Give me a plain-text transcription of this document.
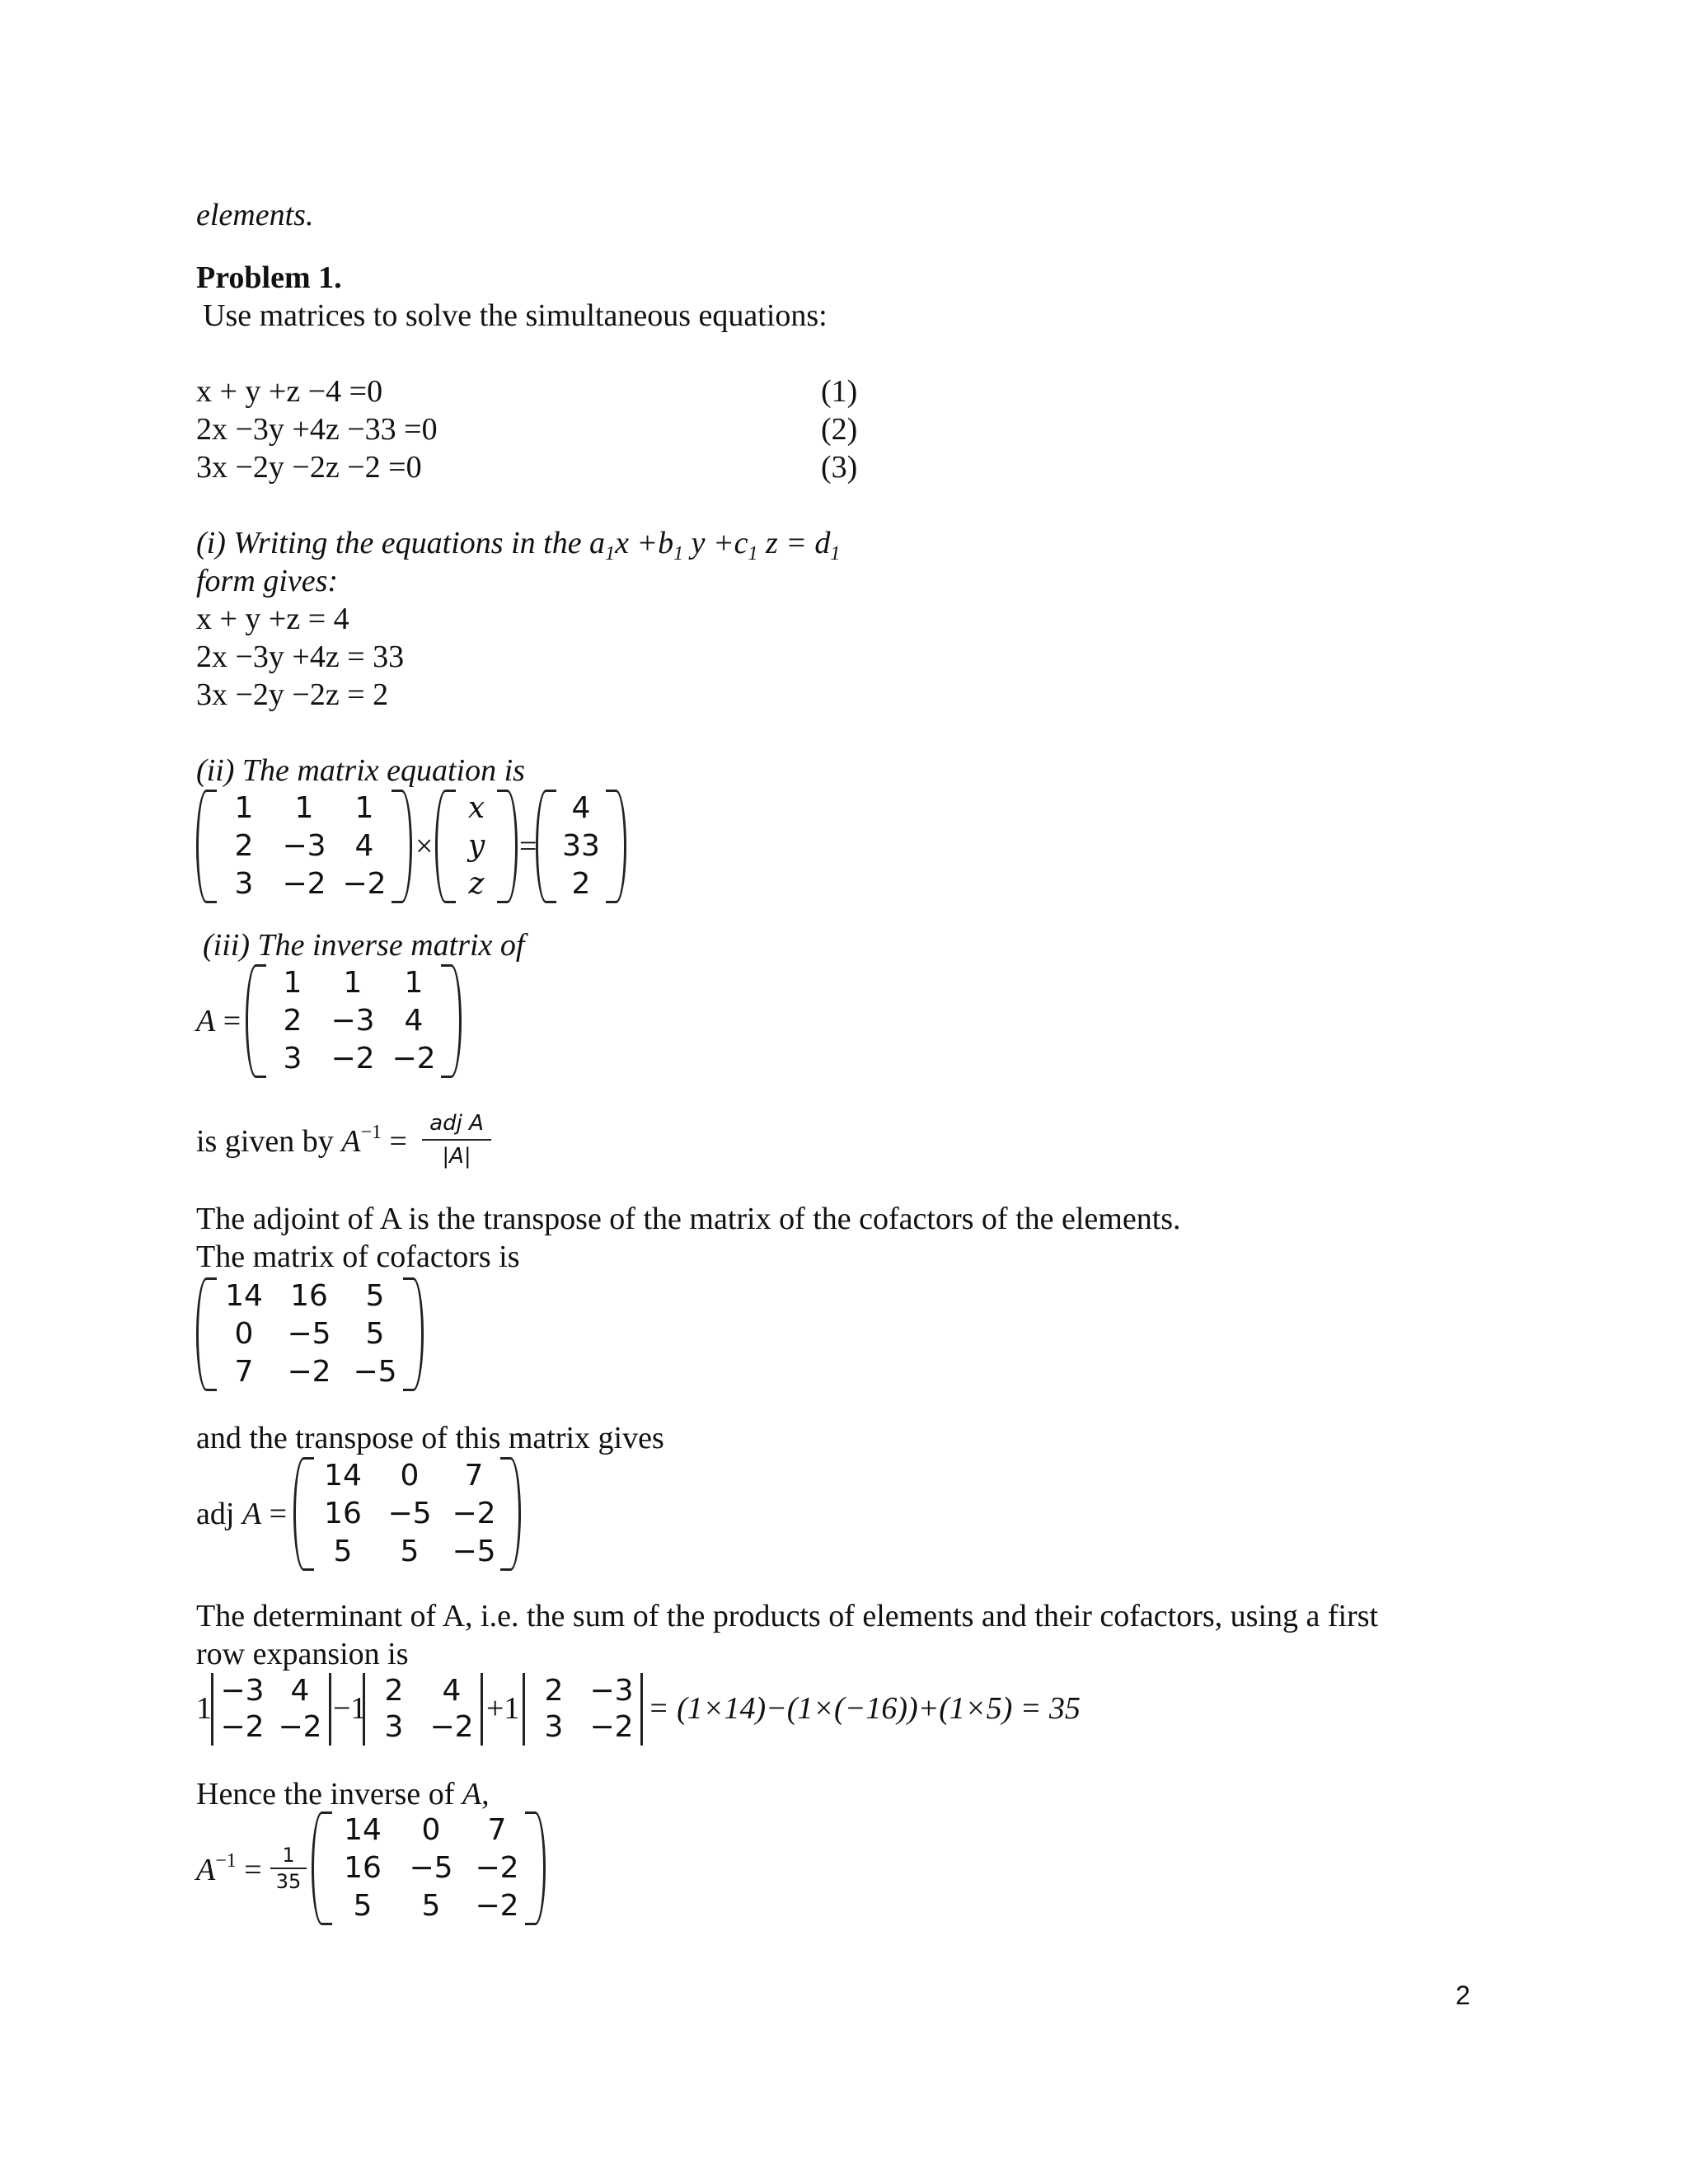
elements.
Problem 1.
Use matrices to solve the simultaneous equations:
x + y +z −4 =0	(1)
2x −3y +4z −33 =0	(2)
3x −2y −2z −2 =0	(3)
(i) Writing the equations in the $a_1x +b_1$ $y +c_1$ $z = d_1$
form gives:
x + y +z = 4
2x −3y +4z = 33
3x −2y −2z = 2
(ii) The matrix equation is
1	1	1
2 −3 4
3 −2 −2
×
x
y
z
=
4
33
2
(iii) The inverse matrix of
A =
1	1	1
2 −3	4
3 −2 −2
is given by $A^{-1}$ =
adj A
|A|
The adjoint of A is the transpose of the matrix of the cofactors of the elements.
The matrix of cofactors is
14 16	5
0	−5	5
7	−2 −5
and the transpose of this matrix gives
adj A =
14	0	7
16 −5 −2
5	5	−5
The determinant of A, i.e. the sum of the products of elements and their cofactors, using a first
row expansion is
1
−3 4
−2 −2
−1
2	4
3 −2
+1
2 −3
3 −2
= (1×14)−(1×(−16))+(1×5) = 35
Hence the inverse of A,
$A^{-1} = \frac{1}{35}$
14	0	7
16 −5 −2
5	5	−2
2
